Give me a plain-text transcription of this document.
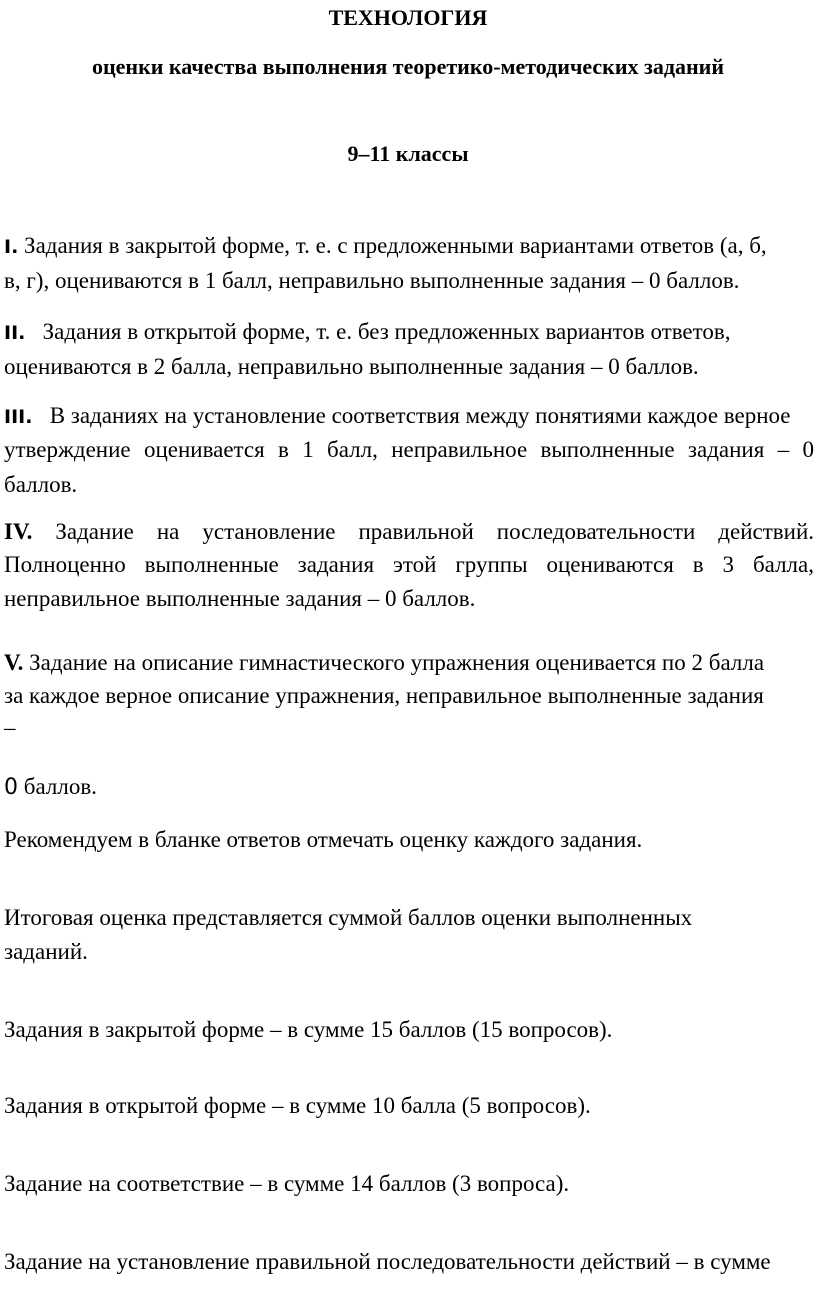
ТЕХНОЛОГИЯ
оценки качества выполнения теоретико-методических заданий
9–11 классы
I. Задания в закрытой форме, т. е. с предложенными вариантами ответов (а, б,
в, г), оцениваются в 1 балл, неправильно выполненные задания – 0 баллов.
II. Задания в открытой форме, т. е. без предложенных вариантов ответов,
оцениваются в 2 балла, неправильно выполненные задания – 0 баллов.
III. В заданиях на установление соответствия между понятиями каждое верное
утверждение оценивается в 1 балл, неправильное выполненные задания – 0
баллов.
IV. Задание на установление правильной последовательности действий.
Полноценно выполненные задания этой группы оцениваются в 3 балла,
неправильное выполненные задания – 0 баллов.
V. Задание на описание гимнастического упражнения оценивается по 2 балла
за каждое верное описание упражнения, неправильное выполненные задания
–
0 баллов.
Рекомендуем в бланке ответов отмечать оценку каждого задания.
Итоговая оценка представляется суммой баллов оценки выполненных
заданий.
Задания в закрытой форме – в сумме 15 баллов (15 вопросов).
Задания в открытой форме – в сумме 10 балла (5 вопросов).
Задание на соответствие – в сумме 14 баллов (3 вопроса).
Задание на установление правильной последовательности действий – в сумме
